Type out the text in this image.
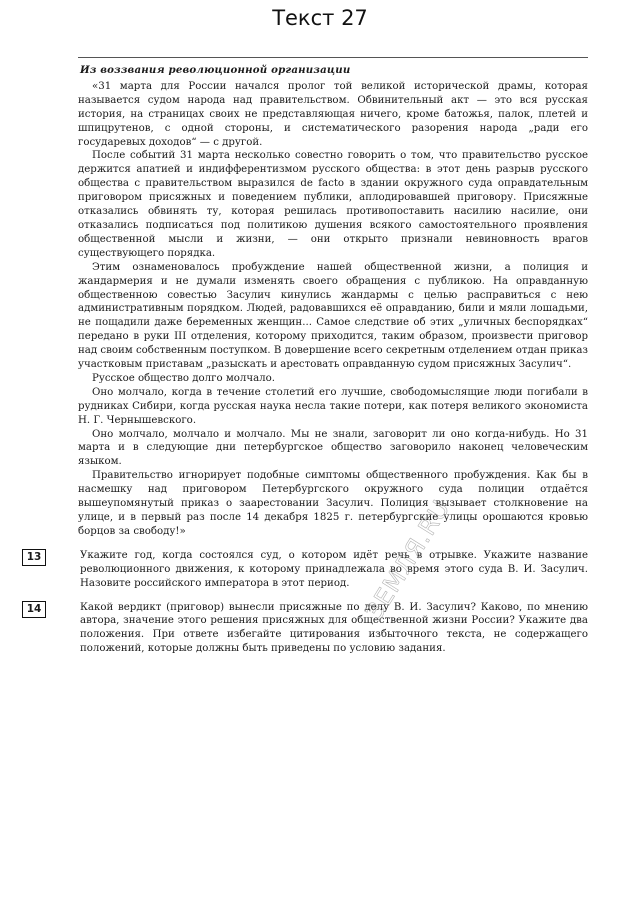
Текст 27
Из воззвания революционной организации

«31 марта для России начался пролог той великой исторической драмы, которая называется судом народа над правительством. Обвинительный акт — это вся русская история, на страницах своих не представляющая ничего, кроме батожья, палок, плетей и шпицрутенов, с одной стороны, и систематического разорения народа „ради его государевых доходов“ — с другой.

После событий 31 марта несколько совестно говорить о том, что правительство русское держится апатией и индифферентизмом русского общества: в этот день разрыв русского общества с правительством выразился de facto в здании окружного суда оправдательным приговором присяжных и поведением публики, аплодировавшей приговору. Присяжные отказались обвинять ту, которая решилась противопоставить насилию насилие, они отказались подписаться под политикою душения всякого самостоятельного проявления общественной мысли и жизни, — они открыто признали невиновность врагов существующего порядка.

Этим ознаменовалось пробуждение нашей общественной жизни, а полиция и жандармерия и не думали изменять своего обращения с публикою. На оправданную общественною совестью Засулич кинулись жандармы с целью расправиться с нею административным порядком. Людей, радовавшихся её оправданию, били и мяли лошадьми, не пощадили даже беременных женщин... Самое следствие об этих „уличных беспорядках“ передано в руки III отделения, которому приходится, таким образом, произвести приговор над своим собственным поступком. В довершение всего секретным отделением отдан приказ участковым приставам „разыскать и арестовать оправданную судом присяжных Засулич“.

Русское общество долго молчало.

Оно молчало, когда в течение столетий его лучшие, свободомыслящие люди погибали в рудниках Сибири, когда русская наука несла такие потери, как потеря великого экономиста Н. Г. Чернышевского.

Оно молчало, молчало и молчало. Мы не знали, заговорит ли оно когда-нибудь. Но 31 марта и в следующие дни петербургское общество заговорило наконец человеческим языком.

Правительство игнорирует подобные симптомы общественного пробуждения. Как бы в насмешку над приговором Петербургского окружного суда полиции отдаётся вышеупомянутый приказ о заарестовании Засулич. Полиция вызывает столкновение на улице, и в первый раз после 14 декабря 1825 г. петербургские улицы орошаются кровью борцов за свободу!»

13	Укажите год, когда состоялся суд, о котором идёт речь в отрывке. Укажите название революционного движения, к которому принадлежала во время этого суда В. И. Засулич. Назовите российского императора в этот период.

14	Какой вердикт (приговор) вынесли присяжные по делу В. И. Засулич? Каково, по мнению автора, значение этого решения присяжных для общественной жизни России? Укажите два положения. При ответе избегайте цитирования избыточного текста, не содержащего положений, которые должны быть приведены по условию задания.

ЗЕМЛЯ.RU
